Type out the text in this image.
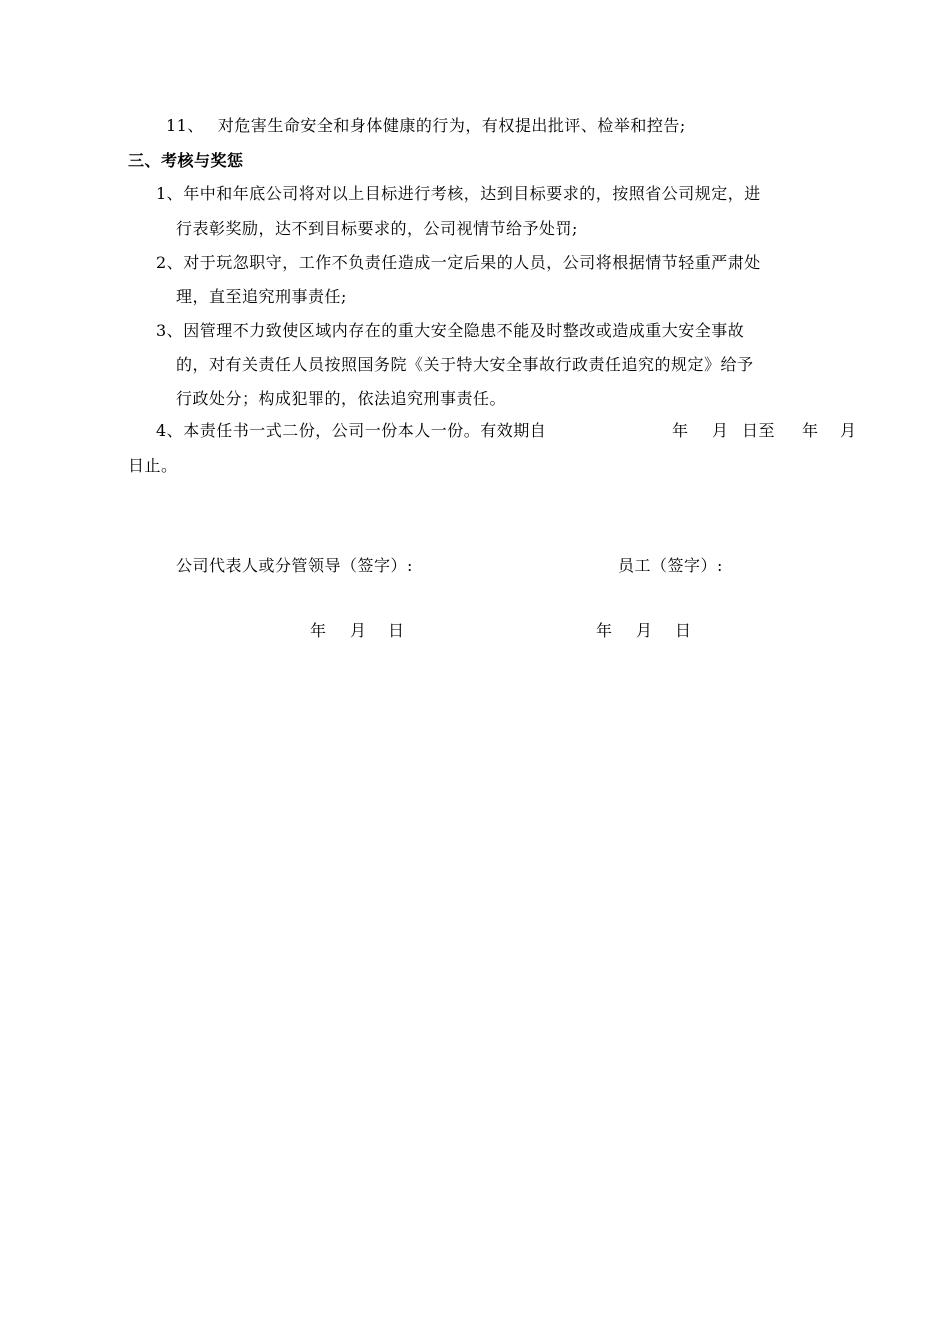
11、 对危害生命安全和身体健康的行为，有权提出批评、检举和控告;
三、考核与奖惩
1、年中和年底公司将对以上目标进行考核，达到目标要求的，按照省公司规定，进
行表彰奖励，达不到目标要求的，公司视情节给予处罚;
2、对于玩忽职守，工作不负责任造成一定后果的人员，公司将根据情节轻重严肃处
理，直至追究刑事责任;
3、因管理不力致使区域内存在的重大安全隐患不能及时整改或造成重大安全事故
的，对有关责任人员按照国务院《关于特大安全事故行政责任追究的规定》给予
行政处分；构成犯罪的，依法追究刑事责任。
4、本责任书一式二份，公司一份本人一份。有效期自	年 月 日至 年 月
日止。
公司代表人或分管领导（签字）:	员工（签字）:
年 月 日	年 月 日
